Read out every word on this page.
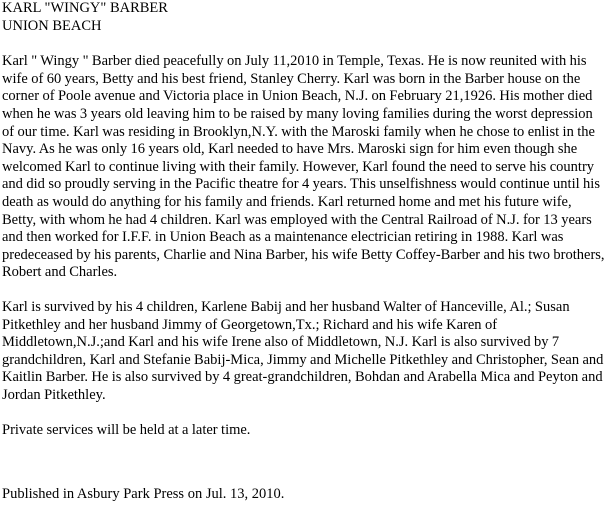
KARL "WINGY" BARBER
UNION BEACH

Karl " Wingy " Barber died peacefully on July 11,2010 in Temple, Texas. He is now reunited with his wife of 60 years, Betty and his best friend, Stanley Cherry. Karl was born in the Barber house on the corner of Poole avenue and Victoria place in Union Beach, N.J. on February 21,1926. His mother died when he was 3 years old leaving him to be raised by many loving families during the worst depression of our time. Karl was residing in Brooklyn,N.Y. with the Maroski family when he chose to enlist in the Navy. As he was only 16 years old, Karl needed to have Mrs. Maroski sign for him even though she welcomed Karl to continue living with their family. However, Karl found the need to serve his country and did so proudly serving in the Pacific theatre for 4 years. This unselfishness would continue until his death as would do anything for his family and friends. Karl returned home and met his future wife, Betty, with whom he had 4 children. Karl was employed with the Central Railroad of N.J. for 13 years and then worked for I.F.F. in Union Beach as a maintenance electrician retiring in 1988. Karl was predeceased by his parents, Charlie and Nina Barber, his wife Betty Coffey-Barber and his two brothers, Robert and Charles.

Karl is survived by his 4 children, Karlene Babij and her husband Walter of Hanceville, Al.; Susan Pitkethley and her husband Jimmy of Georgetown,Tx.; Richard and his wife Karen of Middletown,N.J.;and Karl and his wife Irene also of Middletown, N.J. Karl is also survived by 7 grandchildren, Karl and Stefanie Babij-Mica, Jimmy and Michelle Pitkethley and Christopher, Sean and Kaitlin Barber. He is also survived by 4 great-grandchildren, Bohdan and Arabella Mica and Peyton and Jordan Pitkethley.

Private services will be held at a later time.

Published in Asbury Park Press on Jul. 13, 2010.
